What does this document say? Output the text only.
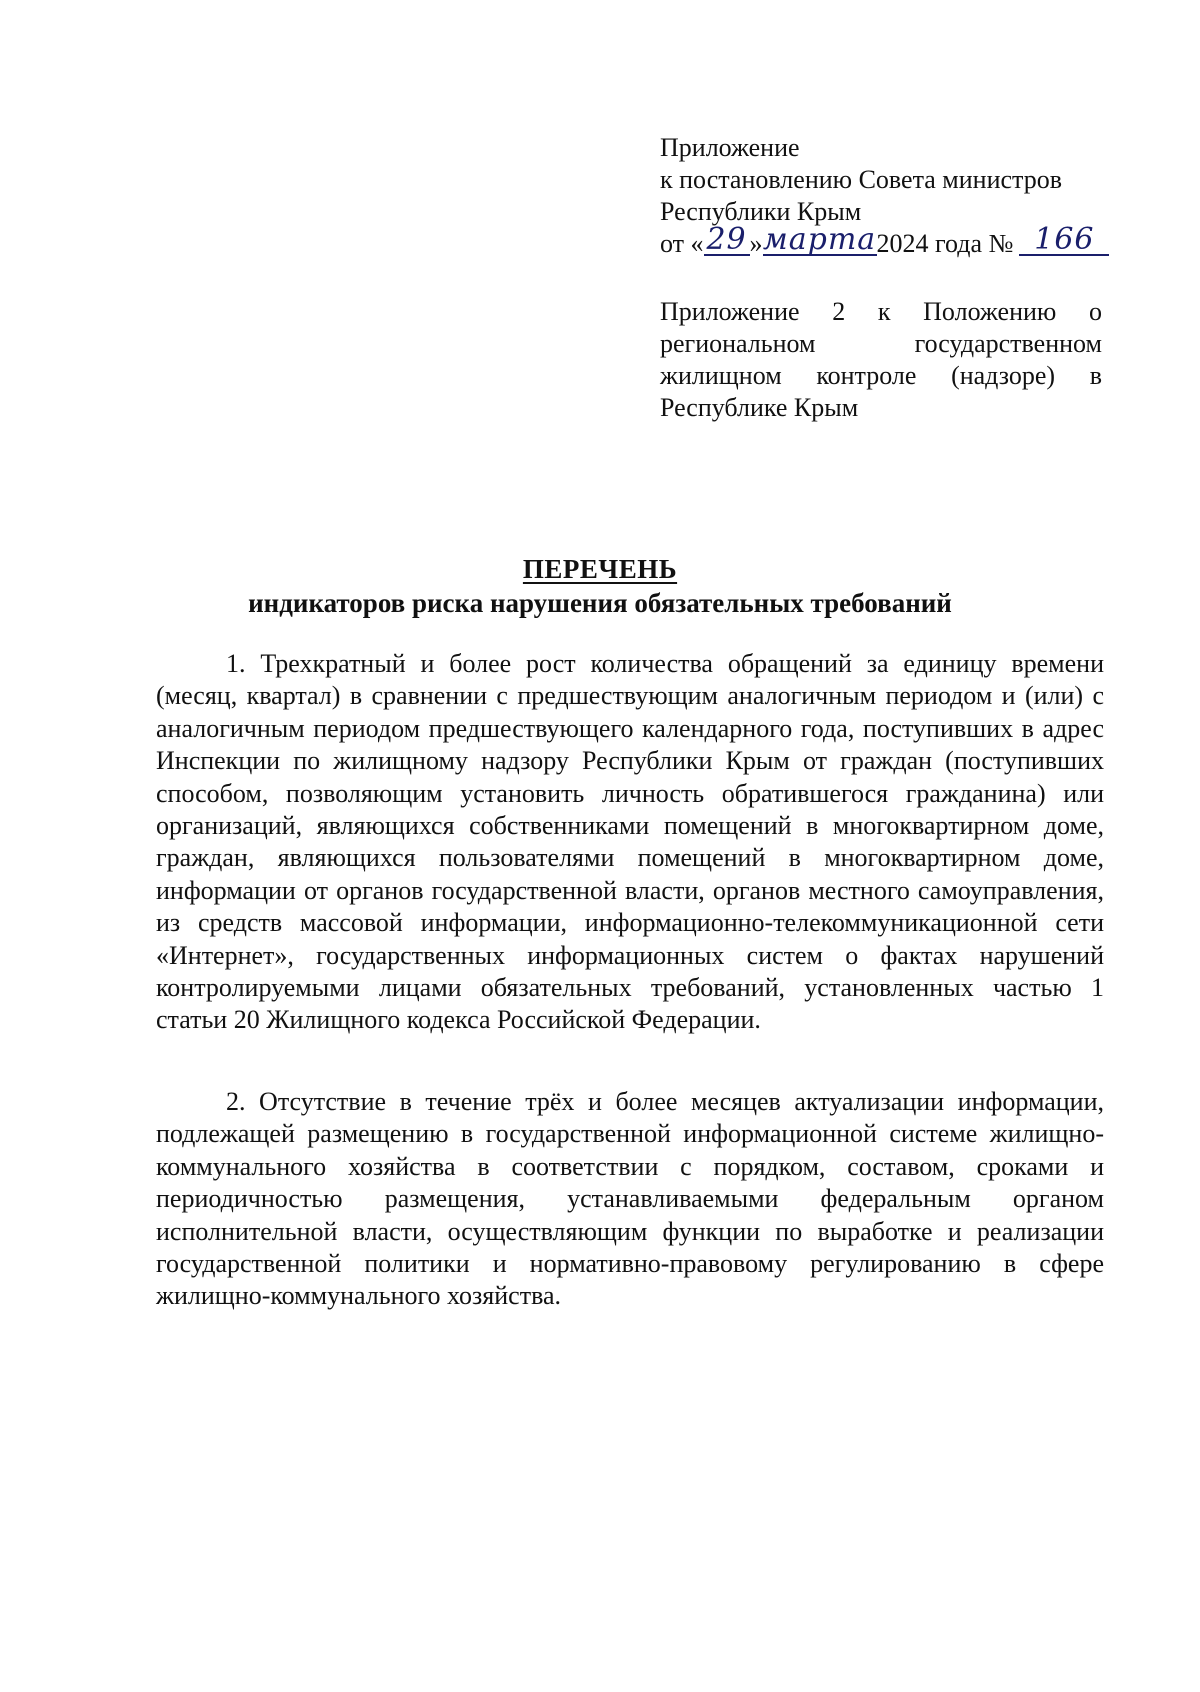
Приложение
к постановлению Совета министров
Республики Крым
от «29 »марта2024 года № 166
Приложение 2 к Положению о региональном государственном жилищном контроле (надзоре) в Республике Крым
ПЕРЕЧЕНЬ
индикаторов риска нарушения обязательных требований

1. Трехкратный и более рост количества обращений за единицу времени (месяц, квартал) в сравнении с предшествующим аналогичным периодом и (или) с аналогичным периодом предшествующего календарного года, поступивших в адрес Инспекции по жилищному надзору Республики Крым от граждан (поступивших способом, позволяющим установить личность обратившегося гражданина) или организаций, являющихся собственниками помещений в многоквартирном доме, граждан, являющихся пользователями помещений в многоквартирном доме, информации от органов государственной власти, органов местного самоуправления, из средств массовой информации, информационно-телекоммуникационной сети «Интернет», государственных информационных систем о фактах нарушений контролируемыми лицами обязательных требований, установленных частью 1 статьи 20 Жилищного кодекса Российской Федерации.

2. Отсутствие в течение трёх и более месяцев актуализации информации, подлежащей размещению в государственной информационной системе жилищно-коммунального хозяйства в соответствии с порядком, составом, сроками и периодичностью размещения, устанавливаемыми федеральным органом исполнительной власти, осуществляющим функции по выработке и реализации государственной политики и нормативно-правовому регулированию в сфере жилищно-коммунального хозяйства.
